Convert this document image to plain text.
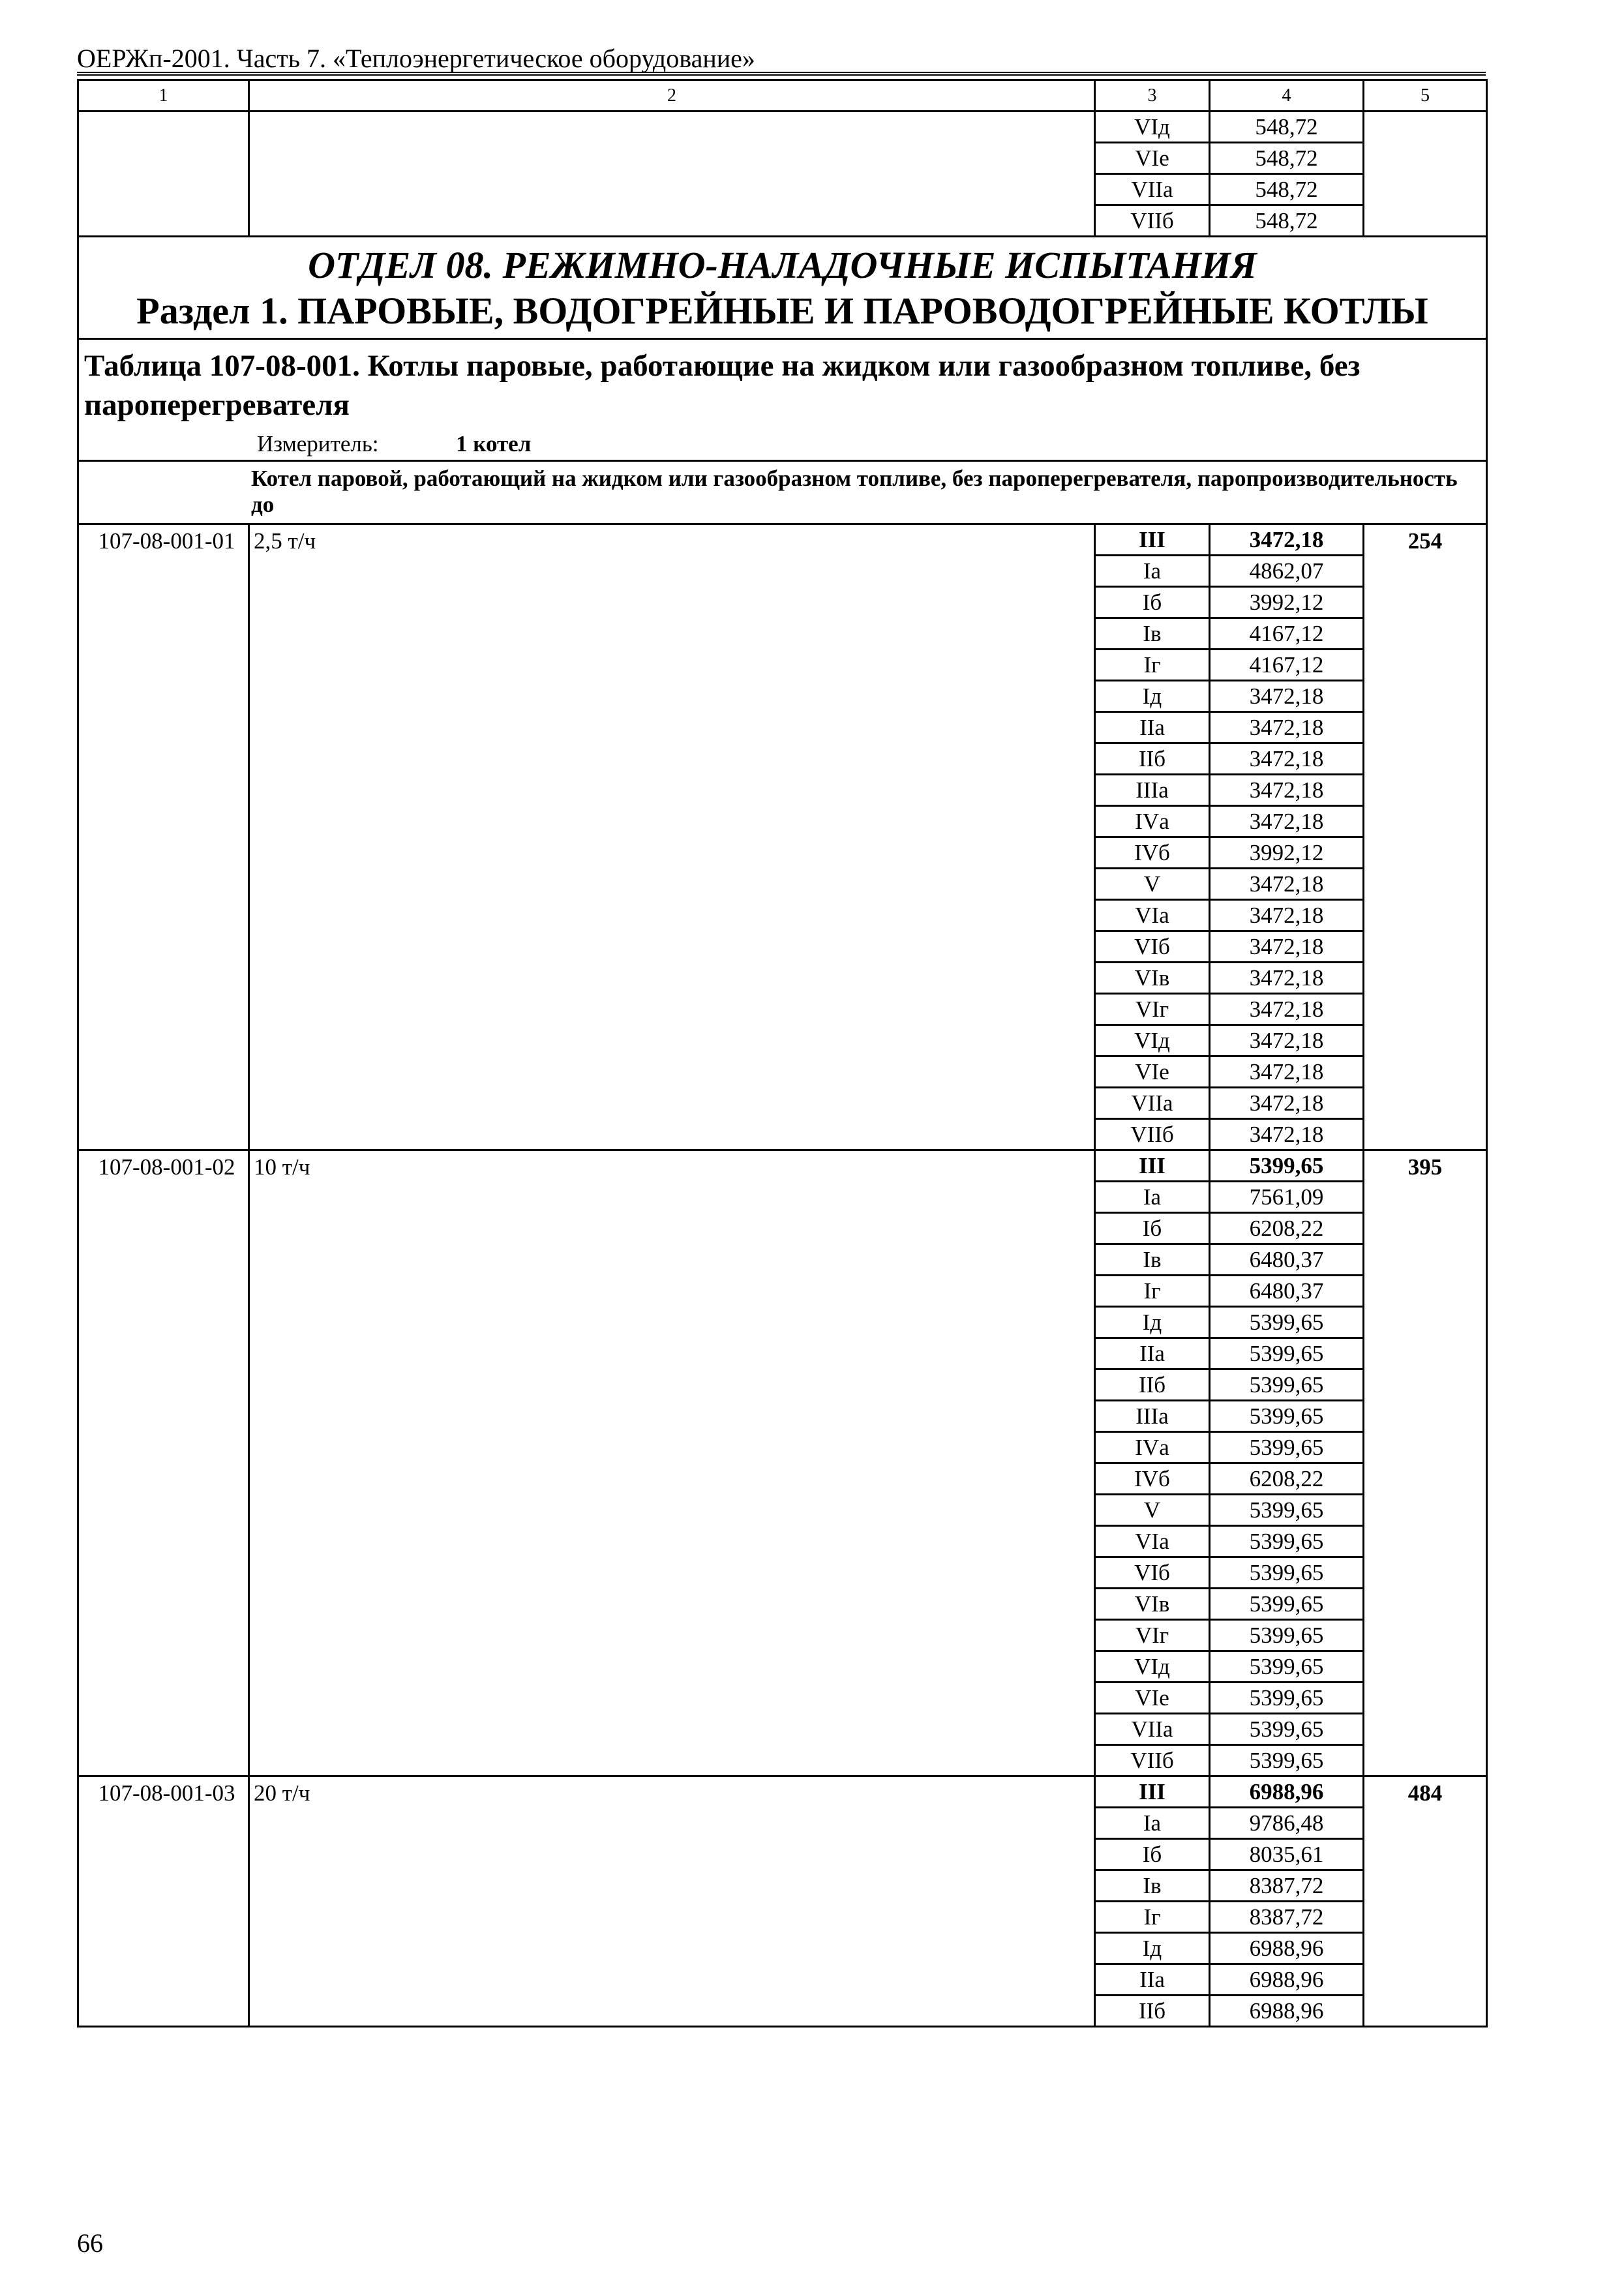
ОЕРЖп-2001. Часть 7. «Теплоэнергетическое оборудование»
1	2	3	4	5
		VIд	548,72	
		VIе	548,72	
		VIIа	548,72	
		VIIб	548,72	

ОТДЕЛ 08. РЕЖИМНО-НАЛАДОЧНЫЕ ИСПЫТАНИЯ
Раздел 1. ПАРОВЫЕ, ВОДОГРЕЙНЫЕ И ПАРОВОДОГРЕЙНЫЕ КОТЛЫ				

Таблица 107-08-001. Котлы паровые, работающие на жидком или газообразном топливе, без пароперегревателя
Измеритель: 1 котел				

Котел паровой, работающий на жидком или газообразном топливе, без пароперегревателя, паропроизводительность до				
107-08-001-01	2,5 т/ч	III	3472,18	254
		Iа	4862,07	
		Iб	3992,12	
		Iв	4167,12	
		Iг	4167,12	
		Iд	3472,18	
		IIа	3472,18	
		IIб	3472,18	
		IIIа	3472,18	
		IVа	3472,18	
		IVб	3992,12	
		V	3472,18	
		VIа	3472,18	
		VIб	3472,18	
		VIв	3472,18	
		VIг	3472,18	
		VIд	3472,18	
		VIе	3472,18	
		VIIа	3472,18	
		VIIб	3472,18	
107-08-001-02	10 т/ч	III	5399,65	395
		Iа	7561,09	
		Iб	6208,22	
		Iв	6480,37	
		Iг	6480,37	
		Iд	5399,65	
		IIа	5399,65	
		IIб	5399,65	
		IIIа	5399,65	
		IVа	5399,65	
		IVб	6208,22	
		V	5399,65	
		VIа	5399,65	
		VIб	5399,65	
		VIв	5399,65	
		VIг	5399,65	
		VIд	5399,65	
		VIе	5399,65	
		VIIа	5399,65	
		VIIб	5399,65	
107-08-001-03	20 т/ч	III	6988,96	484
		Iа	9786,48	
		Iб	8035,61	
		Iв	8387,72	
		Iг	8387,72	
		Iд	6988,96	
		IIа	6988,96	
		IIб	6988,96	
66
